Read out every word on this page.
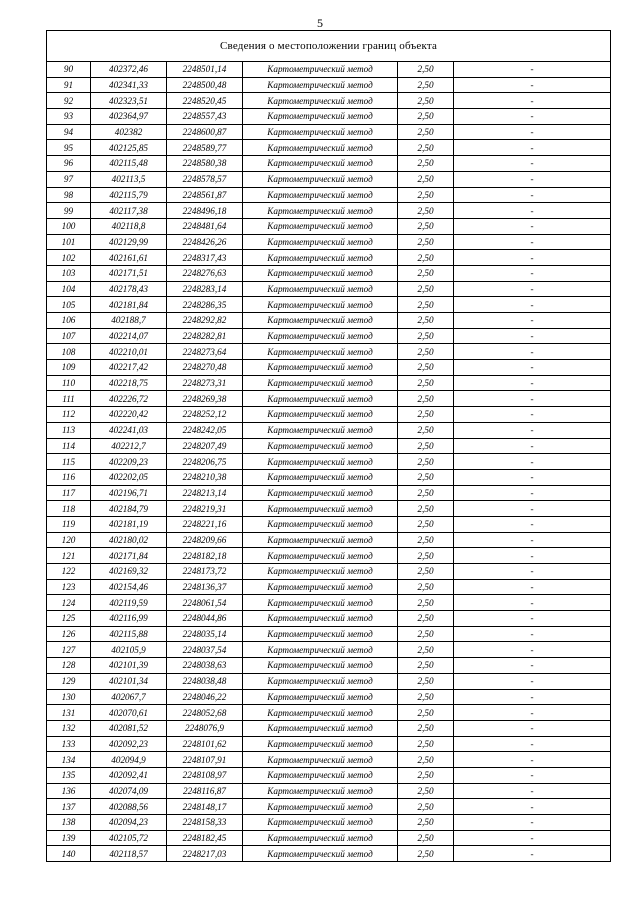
5
Сведения о местоположении границ объекта					
90	402372,46	2248501,14	Картометрический метод	2,50	-
91	402341,33	2248500,48	Картометрический метод	2,50	-
92	402323,51	2248520,45	Картометрический метод	2,50	-
93	402364,97	2248557,43	Картометрический метод	2,50	-
94	402382	2248600,87	Картометрический метод	2,50	-
95	402125,85	2248589,77	Картометрический метод	2,50	-
96	402115,48	2248580,38	Картометрический метод	2,50	-
97	402113,5	2248578,57	Картометрический метод	2,50	-
98	402115,79	2248561,87	Картометрический метод	2,50	-
99	402117,38	2248496,18	Картометрический метод	2,50	-
100	402118,8	2248481,64	Картометрический метод	2,50	-
101	402129,99	2248426,26	Картометрический метод	2,50	-
102	402161,61	2248317,43	Картометрический метод	2,50	-
103	402171,51	2248276,63	Картометрический метод	2,50	-
104	402178,43	2248283,14	Картометрический метод	2,50	-
105	402181,84	2248286,35	Картометрический метод	2,50	-
106	402188,7	2248292,82	Картометрический метод	2,50	-
107	402214,07	2248282,81	Картометрический метод	2,50	-
108	402210,01	2248273,64	Картометрический метод	2,50	-
109	402217,42	2248270,48	Картометрический метод	2,50	-
110	402218,75	2248273,31	Картометрический метод	2,50	-
111	402226,72	2248269,38	Картометрический метод	2,50	-
112	402220,42	2248252,12	Картометрический метод	2,50	-
113	402241,03	2248242,05	Картометрический метод	2,50	-
114	402212,7	2248207,49	Картометрический метод	2,50	-
115	402209,23	2248206,75	Картометрический метод	2,50	-
116	402202,05	2248210,38	Картометрический метод	2,50	-
117	402196,71	2248213,14	Картометрический метод	2,50	-
118	402184,79	2248219,31	Картометрический метод	2,50	-
119	402181,19	2248221,16	Картометрический метод	2,50	-
120	402180,02	2248209,66	Картометрический метод	2,50	-
121	402171,84	2248182,18	Картометрический метод	2,50	-
122	402169,32	2248173,72	Картометрический метод	2,50	-
123	402154,46	2248136,37	Картометрический метод	2,50	-
124	402119,59	2248061,54	Картометрический метод	2,50	-
125	402116,99	2248044,86	Картометрический метод	2,50	-
126	402115,88	2248035,14	Картометрический метод	2,50	-
127	402105,9	2248037,54	Картометрический метод	2,50	-
128	402101,39	2248038,63	Картометрический метод	2,50	-
129	402101,34	2248038,48	Картометрический метод	2,50	-
130	402067,7	2248046,22	Картометрический метод	2,50	-
131	402070,61	2248052,68	Картометрический метод	2,50	-
132	402081,52	2248076,9	Картометрический метод	2,50	-
133	402092,23	2248101,62	Картометрический метод	2,50	-
134	402094,9	2248107,91	Картометрический метод	2,50	-
135	402092,41	2248108,97	Картометрический метод	2,50	-
136	402074,09	2248116,87	Картометрический метод	2,50	-
137	402088,56	2248148,17	Картометрический метод	2,50	-
138	402094,23	2248158,33	Картометрический метод	2,50	-
139	402105,72	2248182,45	Картометрический метод	2,50	-
140	402118,57	2248217,03	Картометрический метод	2,50	-
